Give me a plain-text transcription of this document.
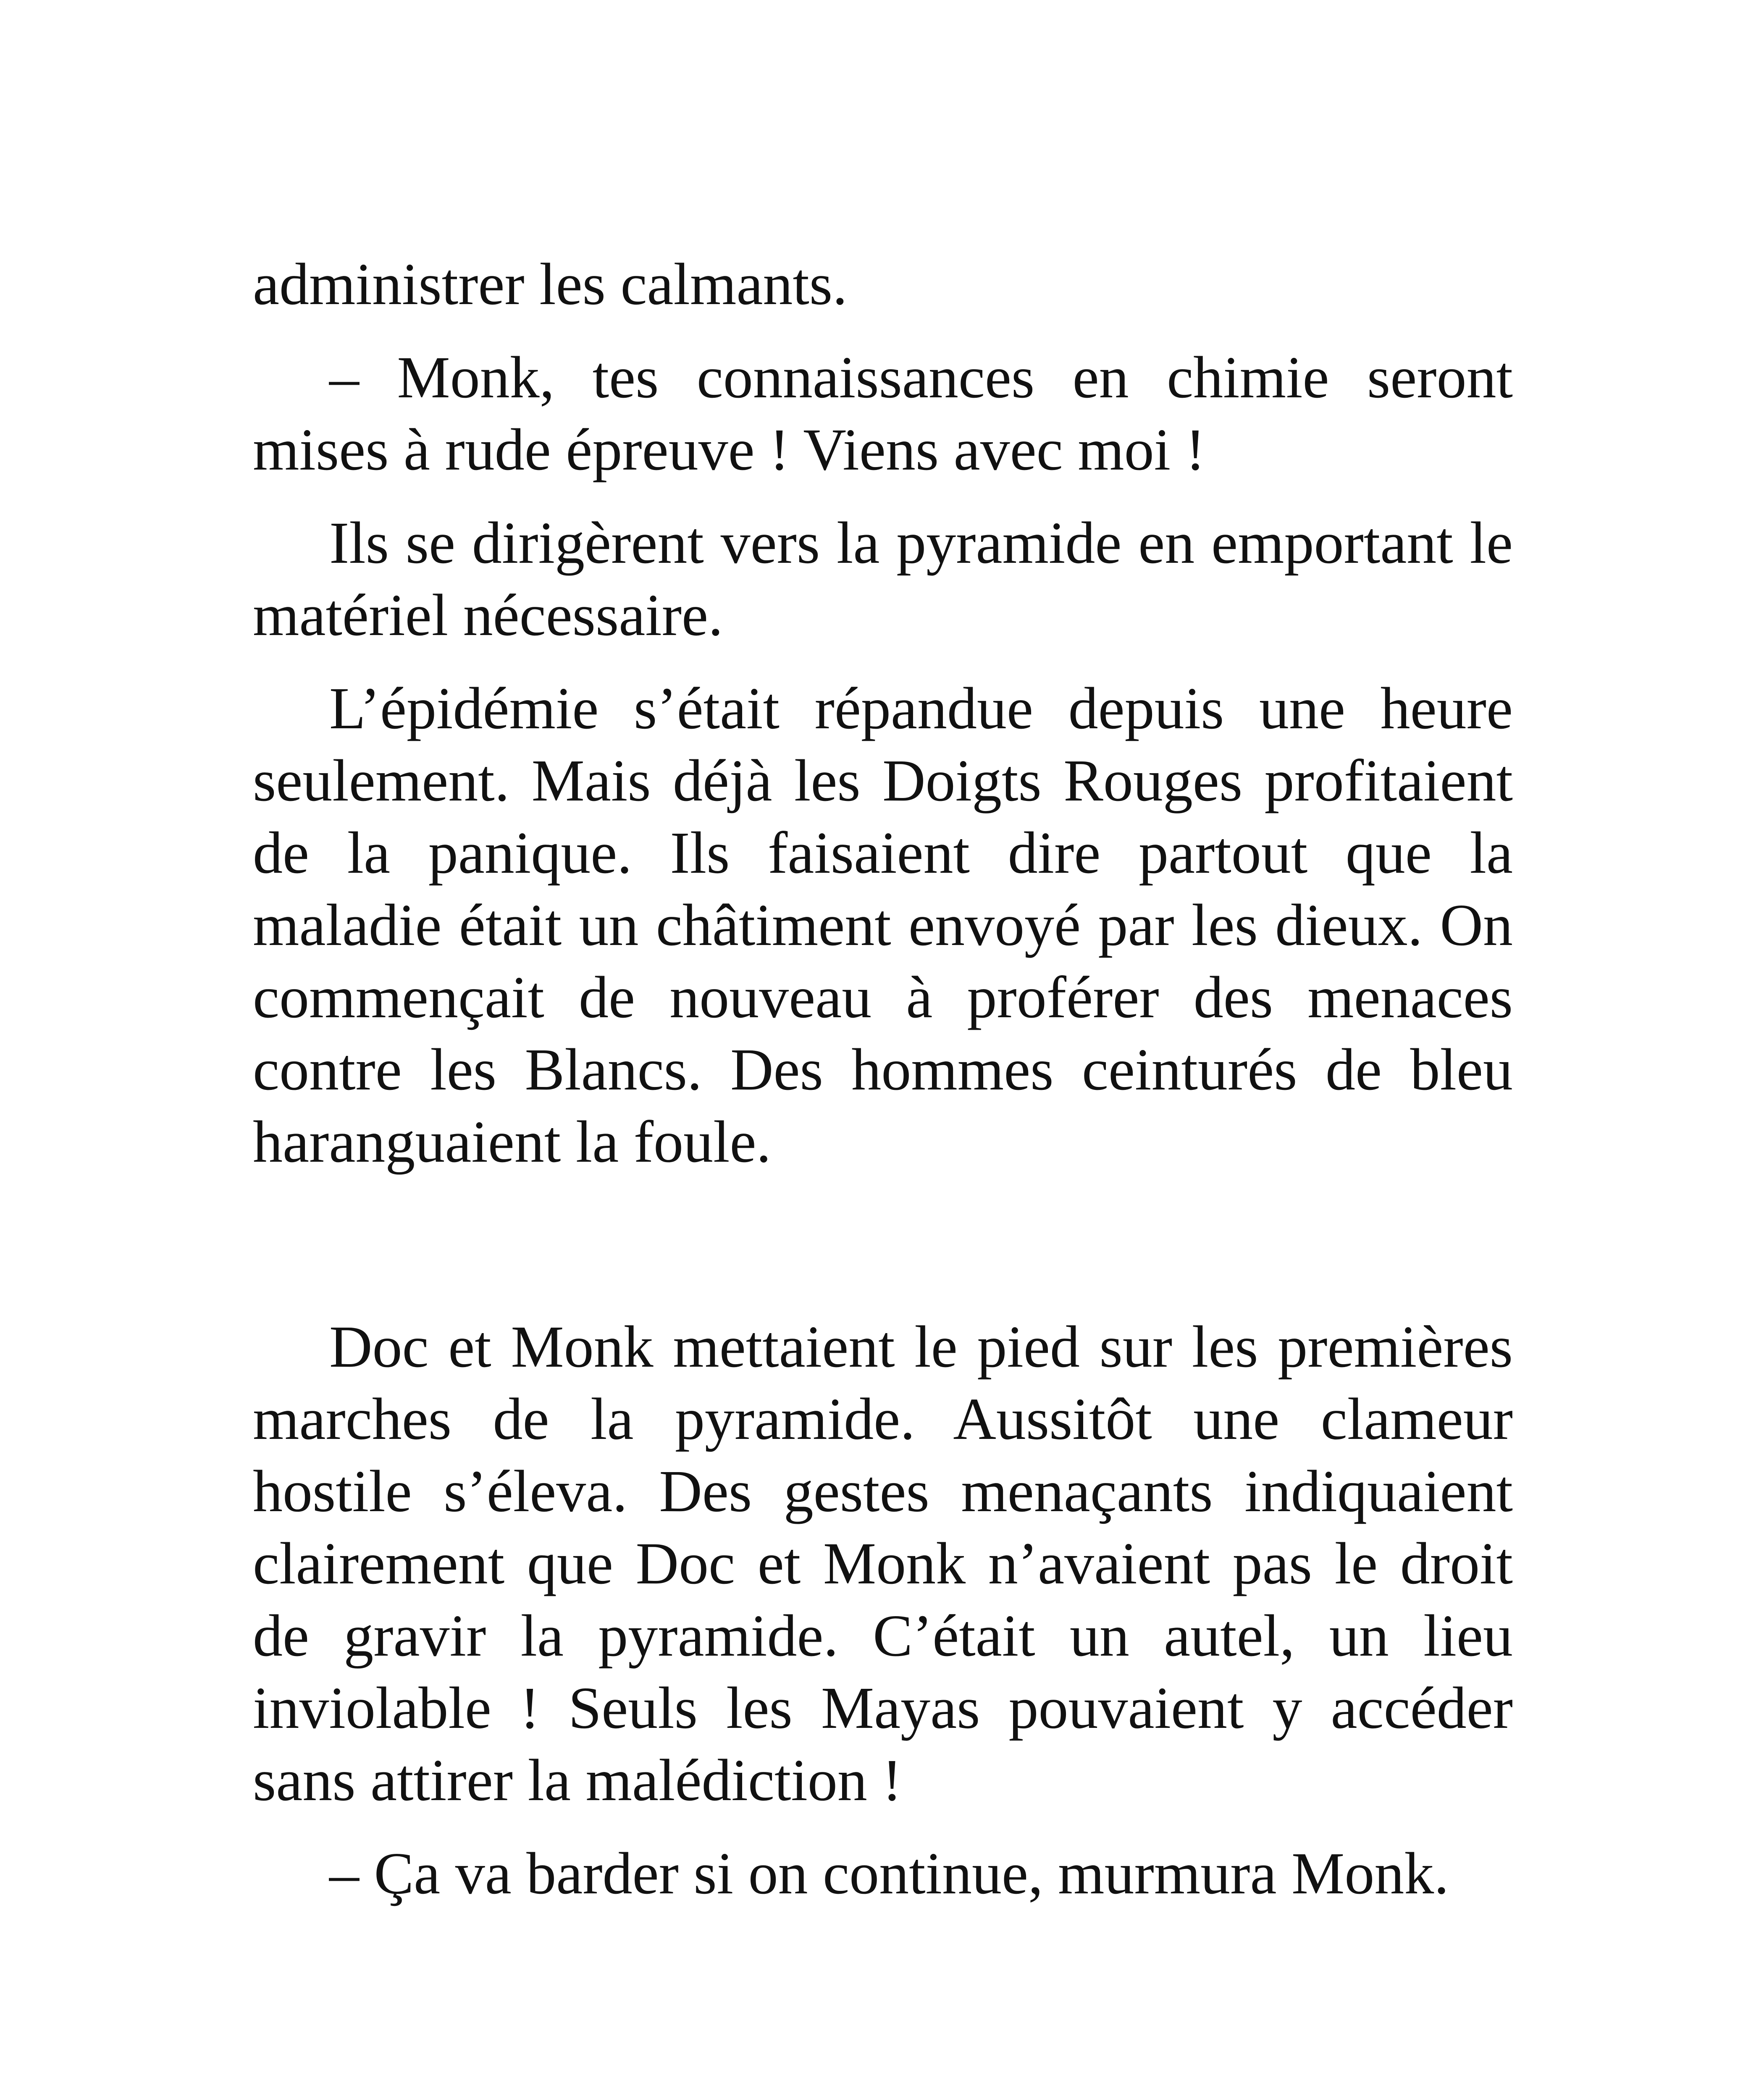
administrer les calmants.

– Monk, tes connaissances en chimie seront mises à rude épreuve ! Viens avec moi !

Ils se dirigèrent vers la pyramide en emportant le matériel nécessaire.

L’épidémie s’était répandue depuis une heure seulement. Mais déjà les Doigts Rouges profitaient de la panique. Ils faisaient dire partout que la maladie était un châtiment envoyé par les dieux. On commençait de nouveau à proférer des menaces contre les Blancs. Des hommes ceinturés de bleu haranguaient la foule.

Doc et Monk mettaient le pied sur les premières marches de la pyramide. Aussitôt une clameur hostile s’éleva. Des gestes menaçants indiquaient clairement que Doc et Monk n’avaient pas le droit de gravir la pyramide. C’était un autel, un lieu inviolable ! Seuls les Mayas pouvaient y accéder sans attirer la malédiction !

– Ça va barder si on continue, murmura Monk.
